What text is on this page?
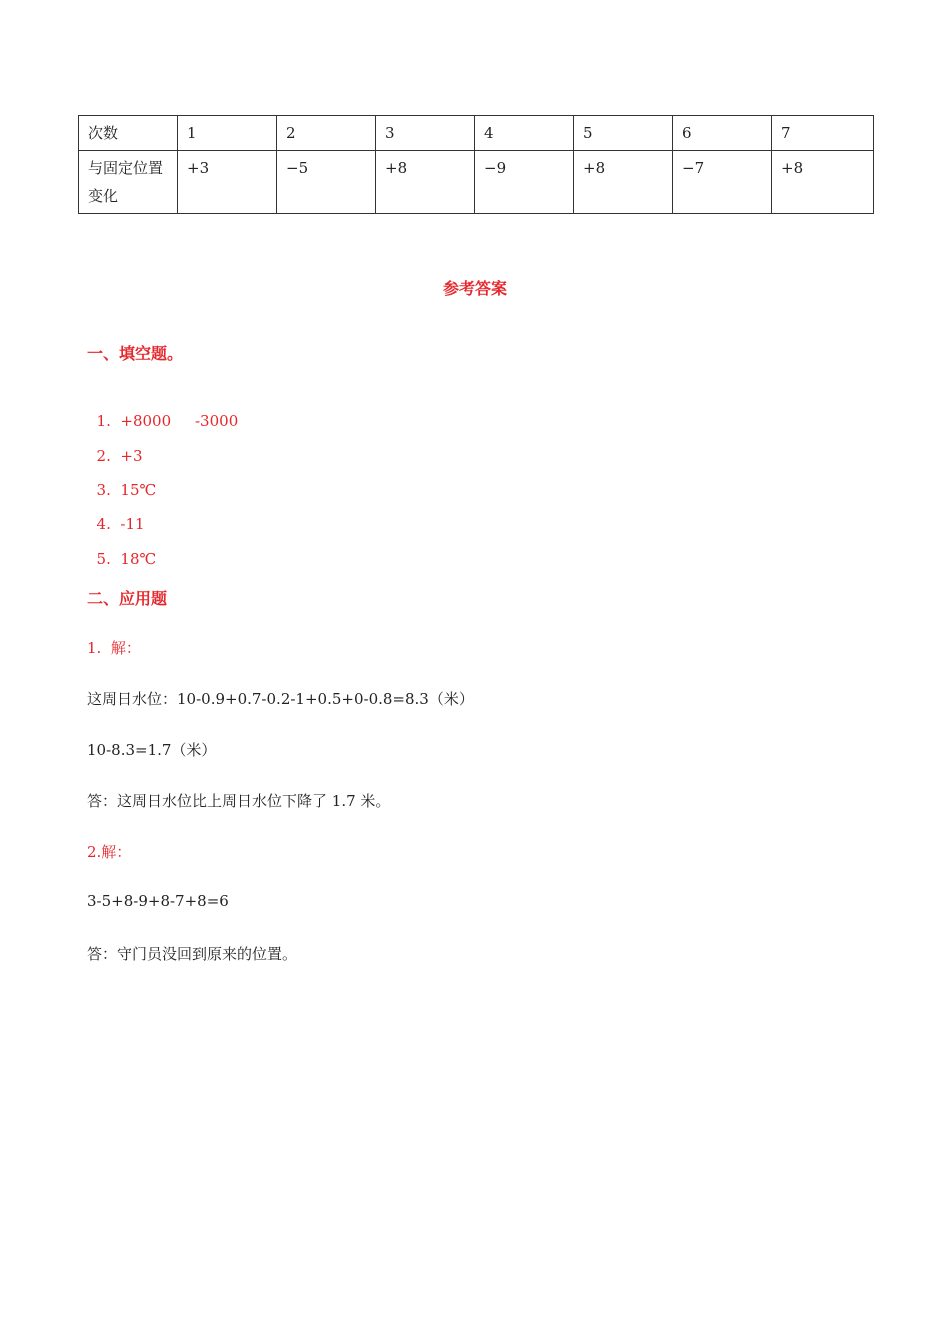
次数	1	2	3	4	5	6	7
与固定位置变化	+3	−5	+8	−9	+8	−7	+8
参考答案
一、填空题。

1. +8000     -3000

2. +3

3. 15℃

4. -11

5. 18℃

二、应用题
1.  解：
这周日水位：10-0.9+0.7-0.2-1+0.5+0-0.8=8.3（米）
10-8.3=1.7（米）
答：这周日水位比上周日水位下降了 1.7 米。
2.解：
3-5+8-9+8-7+8=6
答：守门员没回到原来的位置。
